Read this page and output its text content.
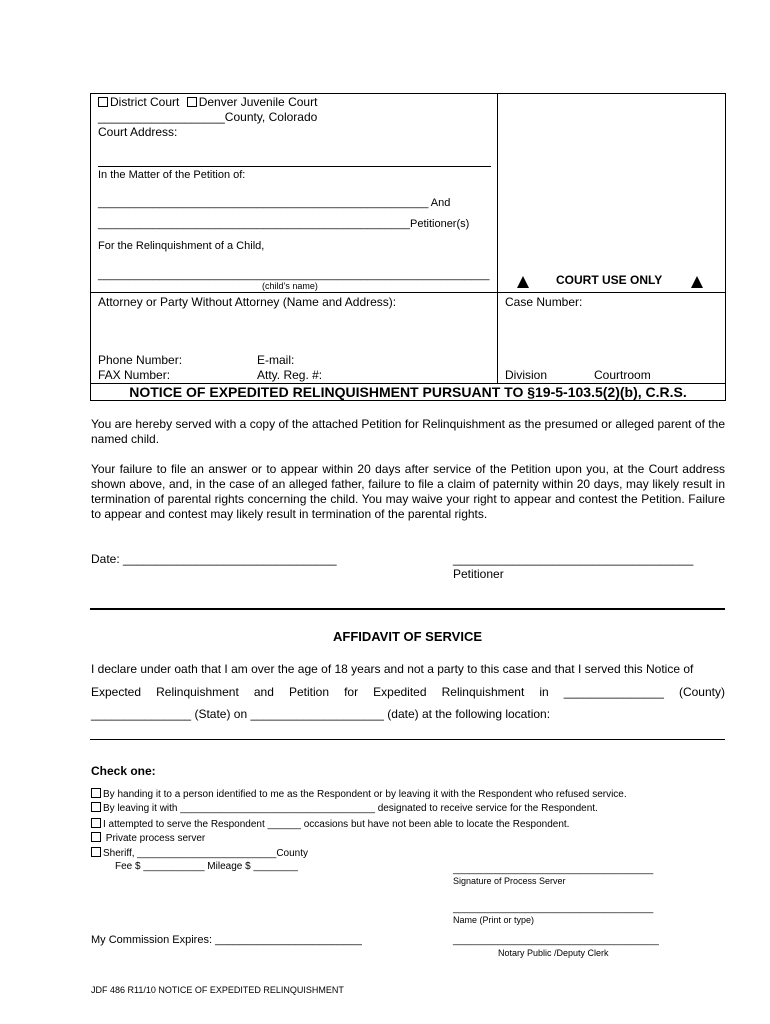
District Court Denver Juvenile Court
___________________County, Colorado
Court Address:
In the Matter of the Petition of:
______________________________________________________ And
___________________________________________________Petitioner(s)
For the Relinquishment of a Child,
________________________________________________________________
(child’s name)	COURT USE ONLY
Attorney or Party Without Attorney (Name and Address):	Case Number:
Phone Number:	E-mail:
FAX Number:	Atty. Reg. #:	Division	Courtroom
NOTICE OF EXPEDITED RELINQUISHMENT PURSUANT TO §19-5-103.5(2)(b), C.R.S.
You are hereby served with a copy of the attached Petition for Relinquishment as the presumed or alleged parent of the named child.
Your failure to file an answer or to appear within 20 days after service of the Petition upon you, at the Court address shown above, and, in the case of an alleged father, failure to file a claim of paternity within 20 days, may likely result in termination of parental rights concerning the child. You may waive your right to appear and contest the Petition. Failure to appear and contest may likely result in termination of the parental rights.
Date: ________________________________	____________________________________
Petitioner
AFFIDAVIT OF SERVICE
I declare under oath that I am over the age of 18 years and not a party to this case and that I served this Notice of
Expected Relinquishment and Petition for Expedited Relinquishment in _______________ (County)
_______________ (State) on ____________________ (date) at the following location:
Check one:
By handing it to a person identified to me as the Respondent or by leaving it with the Respondent who refused service.
By leaving it with ___________________________________ designated to receive service for the Respondent.
I attempted to serve the Respondent ______ occasions but have not been able to locate the Respondent.
Private process server
Sheriff, _________________________County
Fee $ ___________ Mileage $ ________	____________________________________
Signature of Process Server
____________________________________
Name (Print or type)
My Commission Expires: ________________________	_____________________________________
Notary Public /Deputy Clerk
JDF 486 R11/10 NOTICE OF EXPEDITED RELINQUISHMENT
